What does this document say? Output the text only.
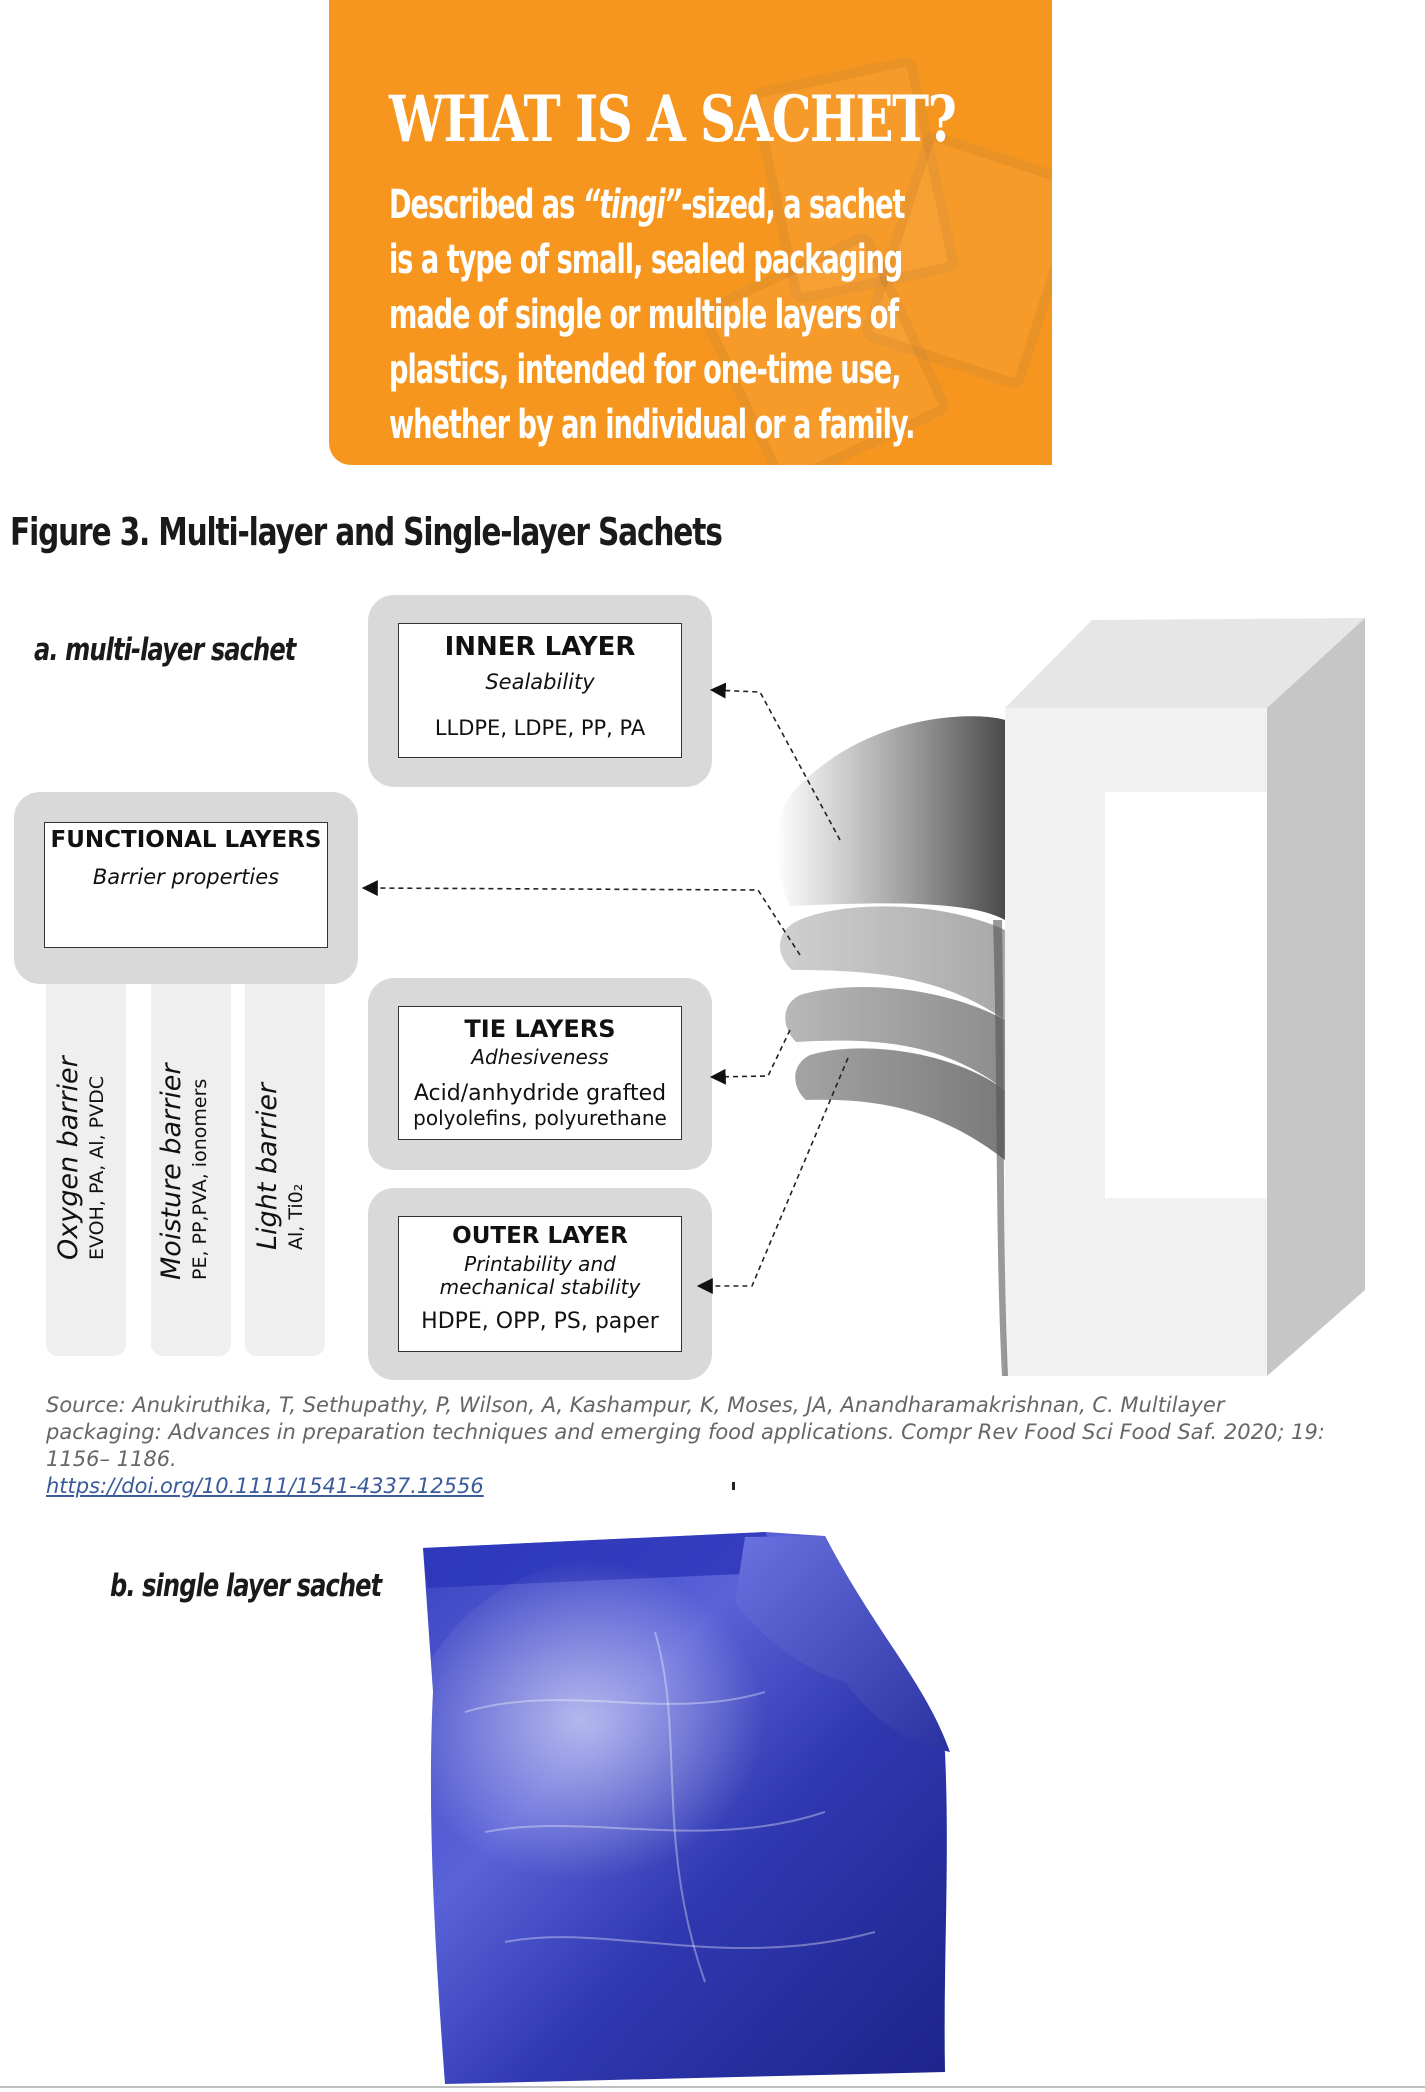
WHAT IS A SACHET?
Described as “tingi”-sized, a sachet
is a type of small, sealed packaging
made of single or multiple layers of
plastics, intended for one-time use,
whether by an individual or a family.
Figure 3. Multi-layer and Single-layer Sachets
a. multi-layer sachet
Oxygen barrier EVOH, PA, Al, PVDC Moisture barrier PE, PP,PVA, ionomers Light barrier Al, Ti0₂
FUNCTIONAL LAYERS
Barrier properties
INNER LAYER
Sealability
LLDPE, LDPE, PP, PA
TIE LAYERS
Adhesiveness
Acid/anhydride grafted
polyolefins, polyurethane
OUTER LAYER
Printability and
mechanical stability
HDPE, OPP, PS, paper
Source: Anukiruthika, T, Sethupathy, P, Wilson, A, Kashampur, K, Moses, JA, Anandharamakrishnan, C. Multilayer packaging: Advances in preparation techniques and emerging food applications. Compr Rev Food Sci Food Saf. 2020; 19: 1156– 1186.
https://doi.org/10.1111/1541-4337.12556
b. single layer sachet
